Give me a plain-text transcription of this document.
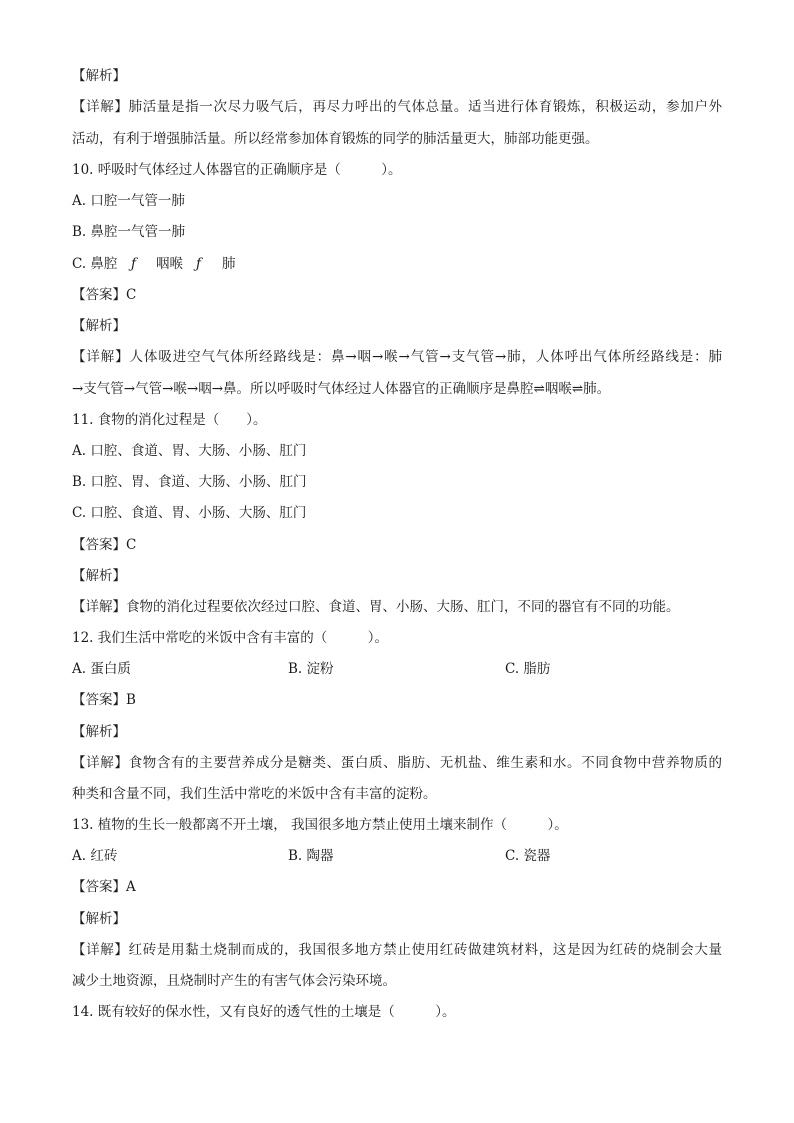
【解析】
【详解】肺活量是指一次尽力吸气后，再尽力呼出的气体总量。适当进行体育锻炼，积极运动，参加户外
活动，有利于增强肺活量。所以经常参加体育锻炼的同学的肺活量更大，肺部功能更强。
10. 呼吸时气体经过人体器官的正确顺序是（　　　）。
A. 口腔一气管一肺
B. 鼻腔一气管一肺
C. 鼻腔 ƒ 咽喉 ƒ 肺
【答案】C
【解析】
【详解】人体吸进空气气体所经路线是：鼻→咽→喉→气管→支气管→肺，人体呼出气体所经路线是：肺
→支气管→气管→喉→咽→鼻。所以呼吸时气体经过人体器官的正确顺序是鼻腔⇌咽喉⇌肺。
11. 食物的消化过程是（　　）。
A. 口腔、食道、胃、大肠、小肠、肛门
B. 口腔、胃、食道、大肠、小肠、肛门
C. 口腔、食道、胃、小肠、大肠、肛门
【答案】C
【解析】
【详解】食物的消化过程要依次经过口腔、食道、胃、小肠、大肠、肛门，不同的器官有不同的功能。
12. 我们生活中常吃的米饭中含有丰富的（　　　）。
A. 蛋白质	B. 淀粉	C. 脂肪
【答案】B
【解析】
【详解】食物含有的主要营养成分是糖类、蛋白质、脂肪、无机盐、维生素和水。不同食物中营养物质的
种类和含量不同，我们生活中常吃的米饭中含有丰富的淀粉。
13. 植物的生长一般都离不开土壤， 我国很多地方禁止使用土壤来制作（　　　）。
A. 红砖	B. 陶器	C. 瓷器
【答案】A
【解析】
【详解】红砖是用黏土烧制而成的，我国很多地方禁止使用红砖做建筑材料，这是因为红砖的烧制会大量
减少土地资源，且烧制时产生的有害气体会污染环境。
14. 既有较好的保水性，又有良好的透气性的土壤是（　　　）。
